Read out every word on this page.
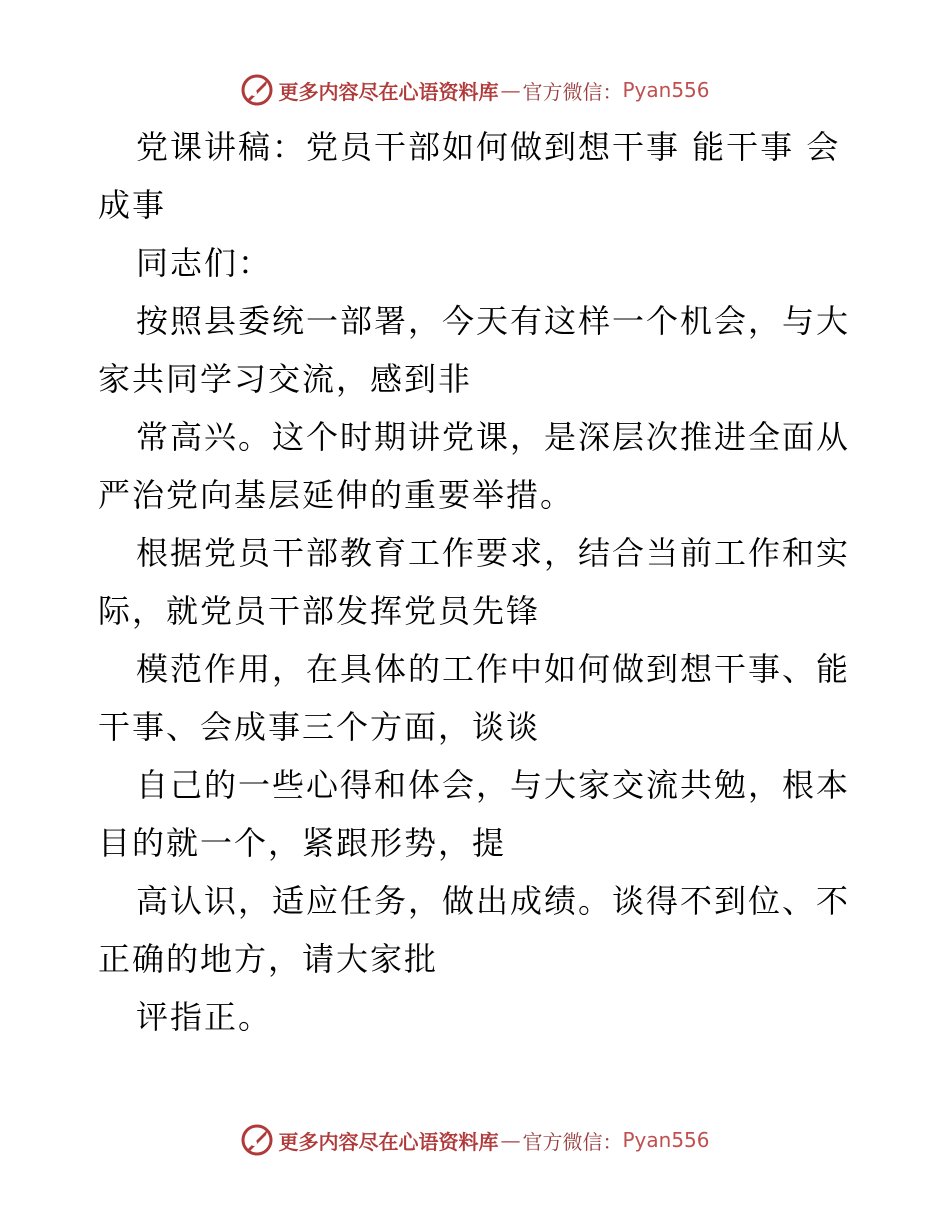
更多内容尽在心语资料库 — 官方微信： Pyan556

党课讲稿：党员干部如何做到想干事 能干事 会成事

同志们：

按照县委统一部署，今天有这样一个机会，与大家共同学习交流，感到非

常高兴。这个时期讲党课，是深层次推进全面从严治党向基层延伸的重要举措。

根据党员干部教育工作要求，结合当前工作和实际，就党员干部发挥党员先锋

模范作用，在具体的工作中如何做到想干事、能干事、会成事三个方面，谈谈

自己的一些心得和体会，与大家交流共勉，根本目的就一个，紧跟形势，提

高认识，适应任务，做出成绩。谈得不到位、不正确的地方，请大家批

评指正。

更多内容尽在心语资料库 — 官方微信： Pyan556
